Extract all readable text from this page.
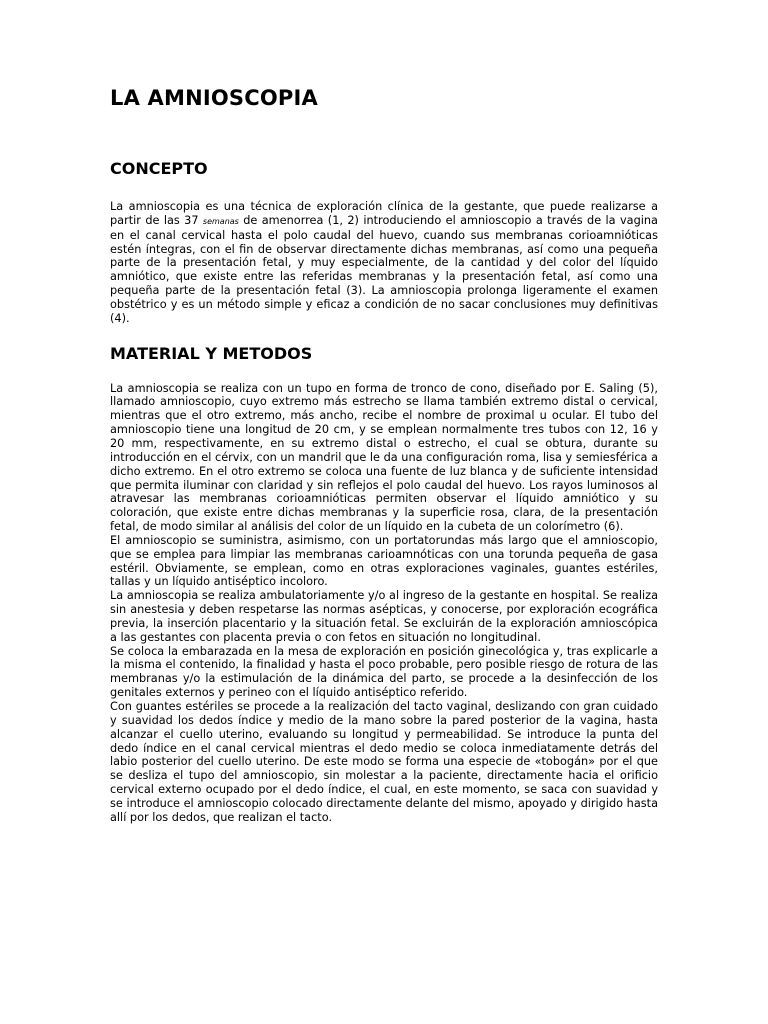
LA AMNIOSCOPIA
CONCEPTO

La amnioscopia es una técnica de exploración clínica de la gestante, que puede realizarse a partir de las 37 semanas de amenorrea (1, 2) introduciendo el amnioscopio a través de la vagina en el canal cervical hasta el polo caudal del huevo, cuando sus membranas corioamnióticas estén íntegras, con el fin de observar directamente dichas membranas, así como una pequeña parte de la presentación fetal, y muy especialmente, de la cantidad y del color del líquido amniótico, que existe entre las referidas membranas y la presentación fetal, así como una pequeña parte de la presentación fetal (3). La amnioscopia prolonga ligeramente el examen obstétrico y es un método simple y eficaz a condición de no sacar conclusiones muy definitivas (4).

MATERIAL Y METODOS

La amnioscopia se realiza con un tupo en forma de tronco de cono, diseñado por E. Saling (5), llamado amnioscopio, cuyo extremo más estrecho se llama también extremo distal o cervical, mientras que el otro extremo, más ancho, recibe el nombre de proximal u ocular. El tubo del amnioscopio tiene una longitud de 20 cm, y se emplean normalmente tres tubos con 12, 16 y 20 mm, respectivamente, en su extremo distal o estrecho, el cual se obtura, durante su introducción en el cérvix, con un mandril que le da una configuración roma, lisa y semiesférica a dicho extremo. En el otro extremo se coloca una fuente de luz blanca y de suficiente intensidad que permita iluminar con claridad y sin reflejos el polo caudal del huevo. Los rayos luminosos al atravesar las membranas corioamnióticas permiten observar el líquido amniótico y su coloración, que existe entre dichas membranas y la superficie rosa, clara, de la presentación fetal, de modo similar al análisis del color de un líquido en la cubeta de un colorímetro (6).

El amnioscopio se suministra, asimismo, con un portatorundas más largo que el amnioscopio, que se emplea para limpiar las membranas carioamnóticas con una torunda pequeña de gasa estéril. Obviamente, se emplean, como en otras exploraciones vaginales, guantes estériles, tallas y un líquido antiséptico incoloro.

La amnioscopia se realiza ambulatoriamente y/o al ingreso de la gestante en hospital. Se realiza sin anestesia y deben respetarse las normas asépticas, y conocerse, por exploración ecográfica previa, la inserción placentario y la situación fetal. Se excluirán de la exploración amnioscópica a las gestantes con placenta previa o con fetos en situación no longitudinal.

Se coloca la embarazada en la mesa de exploración en posición ginecológica y, tras explicarle a la misma el contenido, la finalidad y hasta el poco probable, pero posible riesgo de rotura de las membranas y/o la estimulación de la dinámica del parto, se procede a la desinfección de los genitales externos y perineo con el líquido antiséptico referido.

Con guantes estériles se procede a la realización del tacto vaginal, deslizando con gran cuidado y suavidad los dedos índice y medio de la mano sobre la pared posterior de la vagina, hasta alcanzar el cuello uterino, evaluando su longitud y permeabilidad. Se introduce la punta del dedo índice en el canal cervical mientras el dedo medio se coloca inmediatamente detrás del labio posterior del cuello uterino. De este modo se forma una especie de «tobogán» por el que se desliza el tupo del amnioscopio, sin molestar a la paciente, directamente hacia el orificio cervical externo ocupado por el dedo índice, el cual, en este momento, se saca con suavidad y se introduce el amnioscopio colocado directamente delante del mismo, apoyado y dirigido hasta allí por los dedos, que realizan el tacto.
